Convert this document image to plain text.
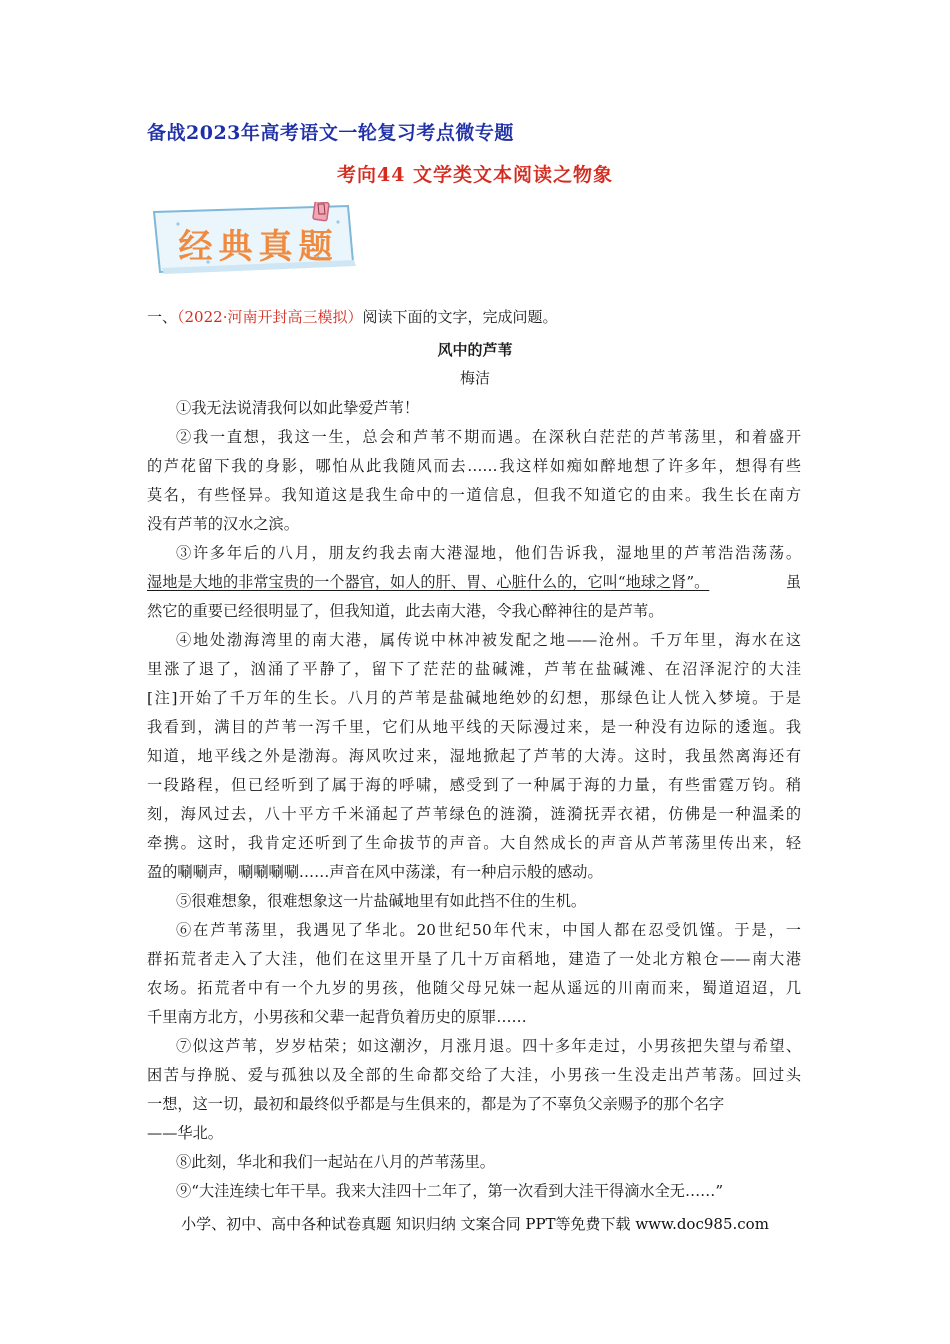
备战2023年高考语文一轮复习考点微专题
考向44 文学类文本阅读之物象
经典真题
一、（2022·河南开封高三模拟）阅读下面的文字，完成问题。
风中的芦苇
梅洁
①我无法说清我何以如此挚爱芦苇！
②我一直想，我这一生，总会和芦苇不期而遇。在深秋白茫茫的芦苇荡里，和着盛开
的芦花留下我的身影，哪怕从此我随风而去……我这样如痴如醉地想了许多年，想得有些
莫名，有些怪异。我知道这是我生命中的一道信息，但我不知道它的由来。我生长在南方
没有芦苇的汉水之滨。
③许多年后的八月，朋友约我去南大港湿地，他们告诉我，湿地里的芦苇浩浩荡荡。
湿地是大地的非常宝贵的一个器官，如人的肝、胃、心脏什么的，它叫“地球之肾”。	虽
然它的重要已经很明显了，但我知道，此去南大港，令我心醉神往的是芦苇。
④地处渤海湾里的南大港，属传说中林冲被发配之地——沧州。千万年里，海水在这
里涨了退了，汹涌了平静了，留下了茫茫的盐碱滩，芦苇在盐碱滩、在沼泽泥泞的大洼
[注]开始了千万年的生长。八月的芦苇是盐碱地绝妙的幻想，那绿色让人恍入梦境。于是
我看到，满目的芦苇一泻千里，它们从地平线的天际漫过来，是一种没有边际的逶迤。我
知道，地平线之外是渤海。海风吹过来，湿地掀起了芦苇的大涛。这时，我虽然离海还有
一段路程，但已经听到了属于海的呼啸，感受到了一种属于海的力量，有些雷霆万钧。稍
刻，海风过去，八十平方千米涌起了芦苇绿色的涟漪，涟漪抚弄衣裙，仿佛是一种温柔的
牵携。这时，我肯定还听到了生命拔节的声音。大自然成长的声音从芦苇荡里传出来，轻
盈的唰唰声，唰唰唰唰……声音在风中荡漾，有一种启示般的感动。
⑤很难想象，很难想象这一片盐碱地里有如此挡不住的生机。
⑥在芦苇荡里，我遇见了华北。20世纪50年代末，中国人都在忍受饥馑。于是，一
群拓荒者走入了大洼，他们在这里开垦了几十万亩稻地，建造了一处北方粮仓——南大港
农场。拓荒者中有一个九岁的男孩，他随父母兄妹一起从遥远的川南而来，蜀道迢迢，几
千里南方北方，小男孩和父辈一起背负着历史的原罪……
⑦似这芦苇，岁岁枯荣；如这潮汐，月涨月退。四十多年走过，小男孩把失望与希望、
困苦与挣脱、爱与孤独以及全部的生命都交给了大洼，小男孩一生没走出芦苇荡。回过头
一想，这一切，最初和最终似乎都是与生俱来的，都是为了不辜负父亲赐予的那个名字
——华北。
⑧此刻，华北和我们一起站在八月的芦苇荡里。
⑨“大洼连续七年干旱。我来大洼四十二年了，第一次看到大洼干得滴水全无……”
小学、初中、高中各种试卷真题 知识归纳 文案合同 PPT等免费下载 www.doc985.com
